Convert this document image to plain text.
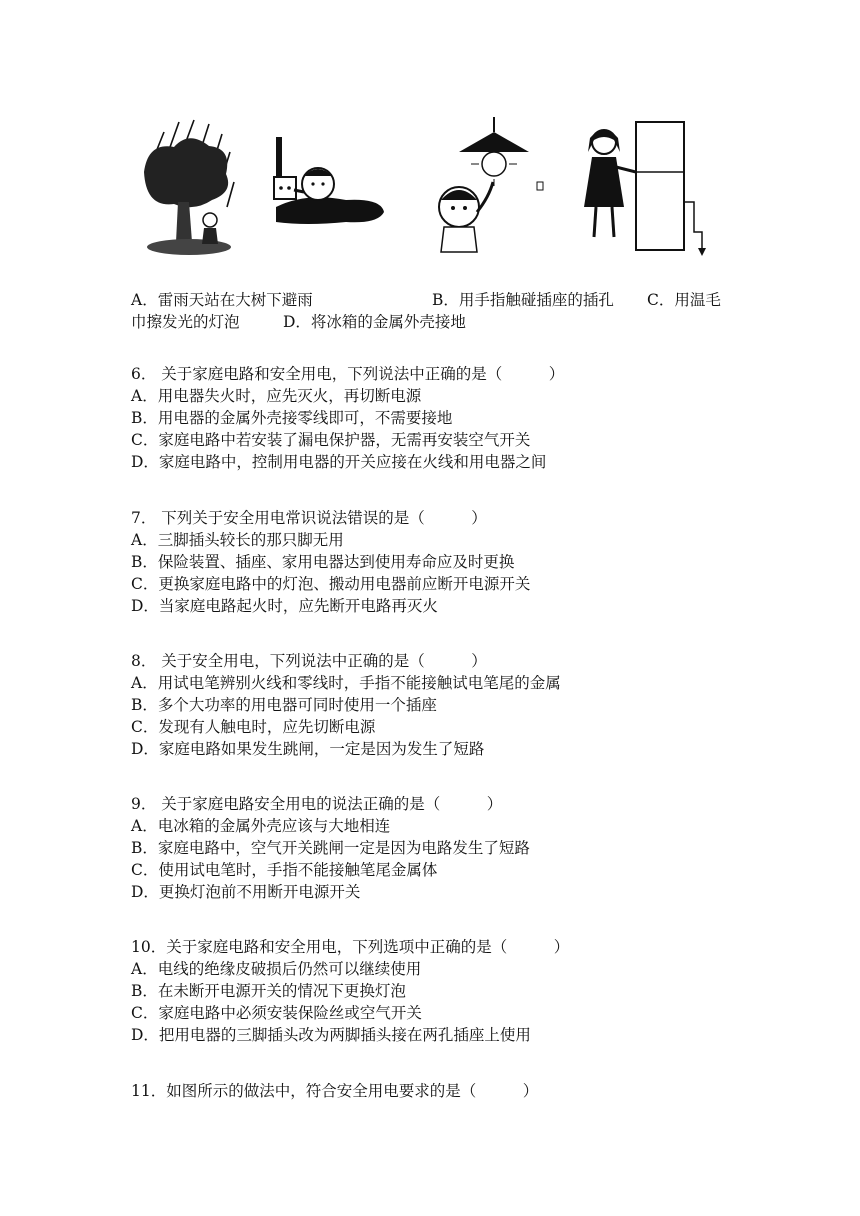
A．雷雨天站在大树下避雨	B．用手指触碰插座的插孔 C．用温毛
巾擦发光的灯泡	D．将冰箱的金属外壳接地
6． 关于家庭电路和安全用电，下列说法中正确的是（　　　）
A．用电器失火时，应先灭火，再切断电源
B．用电器的金属外壳接零线即可，不需要接地
C．家庭电路中若安装了漏电保护器，无需再安装空气开关
D．家庭电路中，控制用电器的开关应接在火线和用电器之间
7． 下列关于安全用电常识说法错误的是（　　　）
A．三脚插头较长的那只脚无用
B．保险装置、插座、家用电器达到使用寿命应及时更换
C．更换家庭电路中的灯泡、搬动用电器前应断开电源开关
D．当家庭电路起火时，应先断开电路再灭火
8． 关于安全用电，下列说法中正确的是（　　　）
A．用试电笔辨别火线和零线时，手指不能接触试电笔尾的金属
B．多个大功率的用电器可同时使用一个插座
C．发现有人触电时，应先切断电源
D．家庭电路如果发生跳闸，一定是因为发生了短路
9． 关于家庭电路安全用电的说法正确的是（　　　）
A．电冰箱的金属外壳应该与大地相连
B．家庭电路中，空气开关跳闸一定是因为电路发生了短路
C．使用试电笔时，手指不能接触笔尾金属体
D．更换灯泡前不用断开电源开关
10．关于家庭电路和安全用电，下列选项中正确的是（　　　）
A．电线的绝缘皮破损后仍然可以继续使用
B．在未断开电源开关的情况下更换灯泡
C．家庭电路中必须安装保险丝或空气开关
D．把用电器的三脚插头改为两脚插头接在两孔插座上使用
11．如图所示的做法中，符合安全用电要求的是（　　　）
